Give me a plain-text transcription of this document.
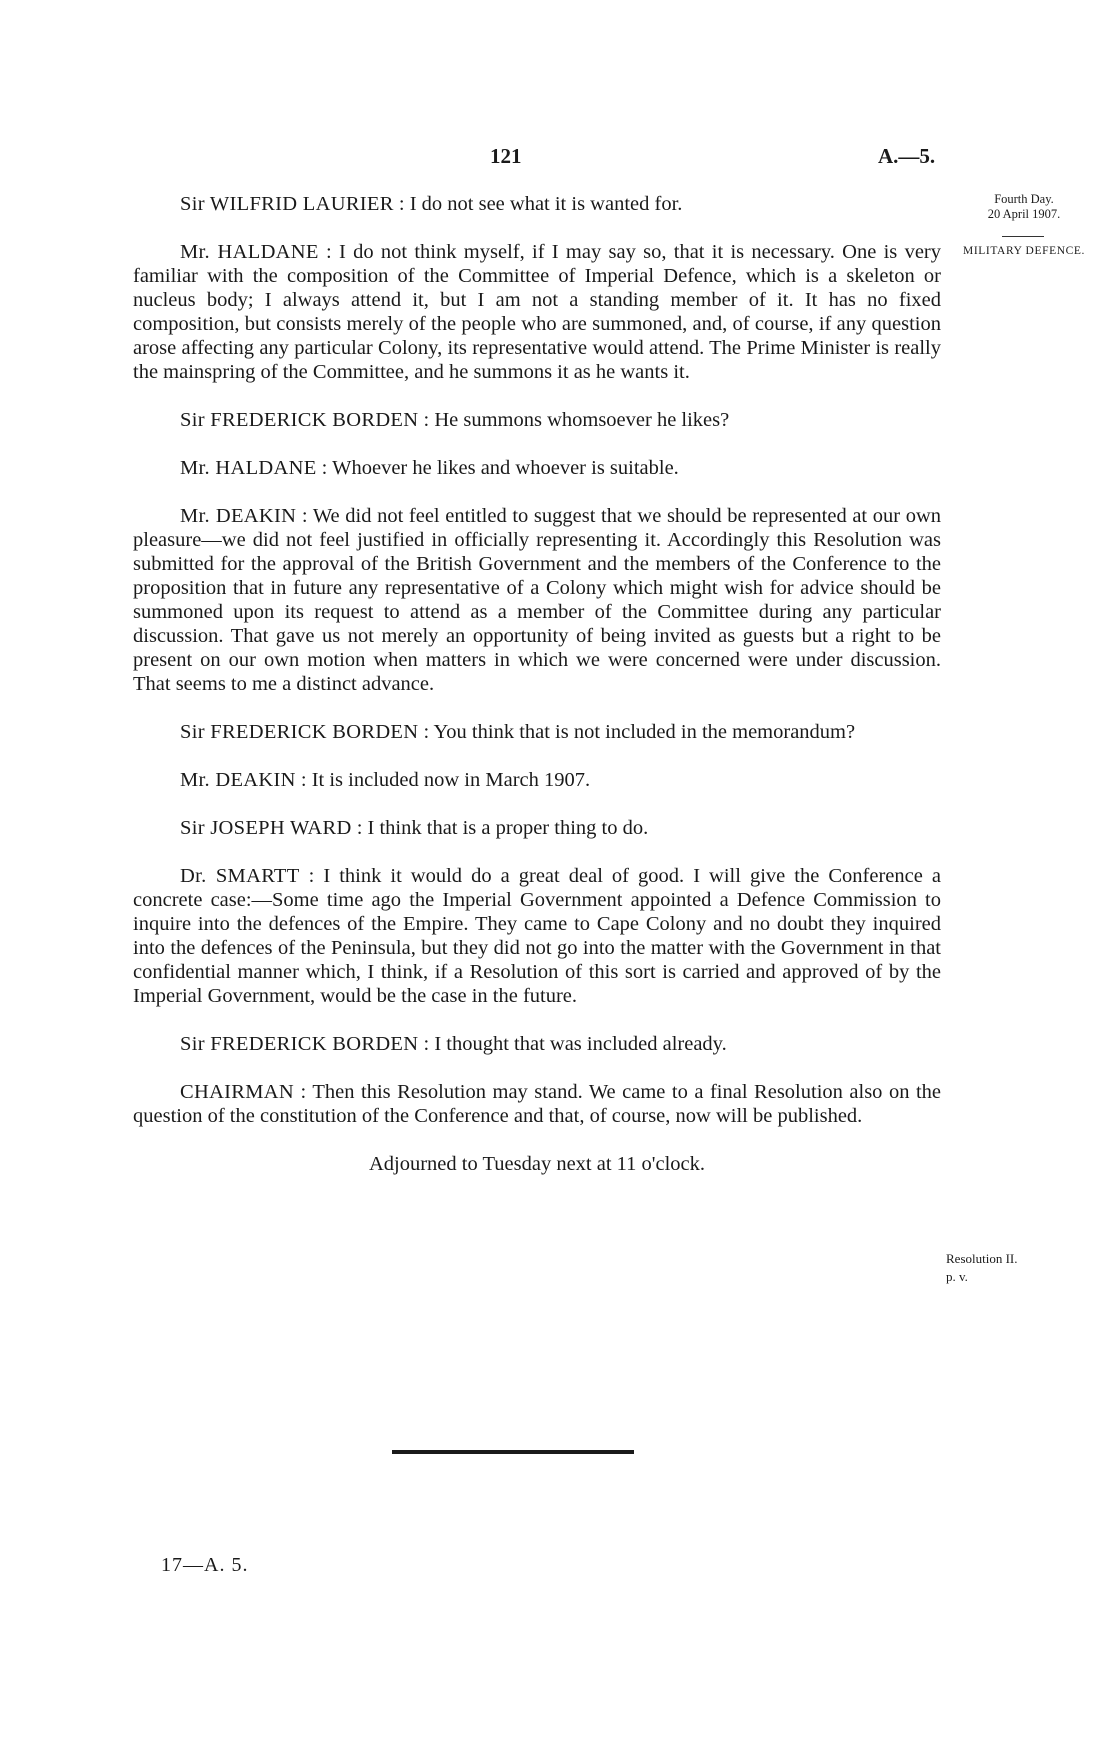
121	A.—5.
Fourth Day.
20 April 1907.
MILITARY DEFENCE.
Resolution II.
p. v.

Sir WILFRID LAURIER : I do not see what it is wanted for.

Mr. HALDANE : I do not think myself, if I may say so, that it is necessary. One is very familiar with the composition of the Committee of Imperial Defence, which is a skeleton or nucleus body; I always attend it, but I am not a standing member of it. It has no fixed composition, but consists merely of the people who are summoned, and, of course, if any question arose affecting any particular Colony, its representative would attend. The Prime Minister is really the mainspring of the Committee, and he summons it as he wants it.

Sir FREDERICK BORDEN : He summons whomsoever he likes?

Mr. HALDANE : Whoever he likes and whoever is suitable.

Mr. DEAKIN : We did not feel entitled to suggest that we should be represented at our own pleasure—we did not feel justified in officially representing it. Accordingly this Resolution was submitted for the approval of the British Government and the members of the Conference to the proposition that in future any representative of a Colony which might wish for advice should be summoned upon its request to attend as a member of the Committee during any particular discussion. That gave us not merely an opportunity of being invited as guests but a right to be present on our own motion when matters in which we were concerned were under discussion. That seems to me a distinct advance.

Sir FREDERICK BORDEN : You think that is not included in the memorandum?

Mr. DEAKIN : It is included now in March 1907.

Sir JOSEPH WARD : I think that is a proper thing to do.

Dr. SMARTT : I think it would do a great deal of good. I will give the Conference a concrete case:—Some time ago the Imperial Government appointed a Defence Commission to inquire into the defences of the Empire. They came to Cape Colony and no doubt they inquired into the defences of the Peninsula, but they did not go into the matter with the Government in that confidential manner which, I think, if a Resolution of this sort is carried and approved of by the Imperial Government, would be the case in the future.

Sir FREDERICK BORDEN : I thought that was included already.

CHAIRMAN : Then this Resolution may stand. We came to a final Resolution also on the question of the constitution of the Conference and that, of course, now will be published.

Adjourned to Tuesday next at 11 o'clock.

17—A. 5.
